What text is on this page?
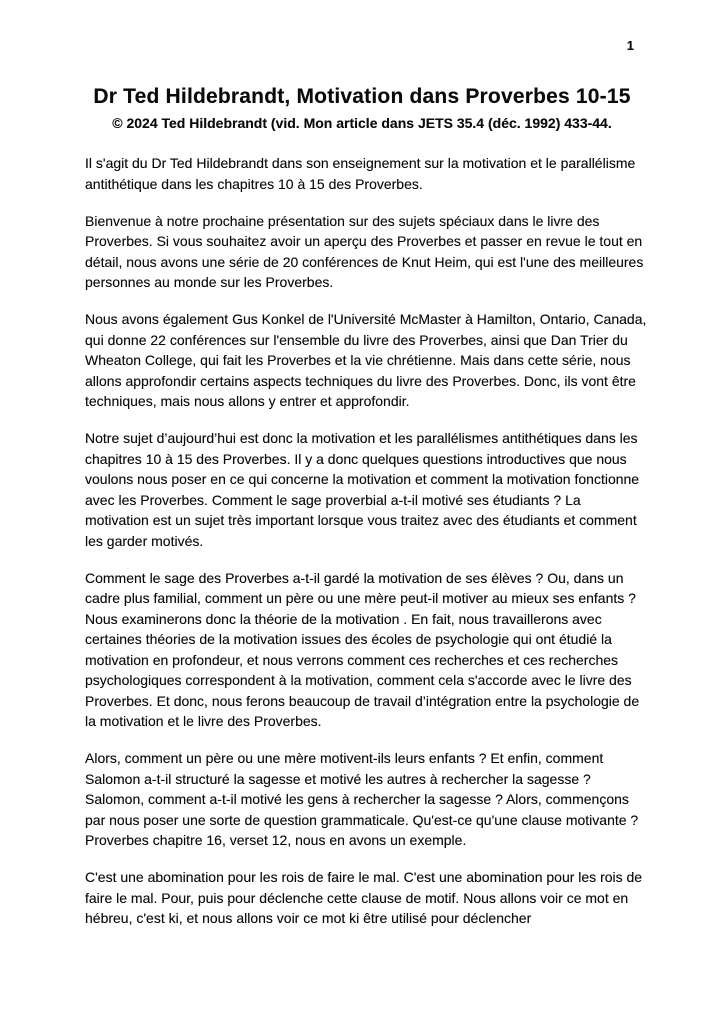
1
Dr Ted Hildebrandt, Motivation dans Proverbes 10-15
© 2024 Ted Hildebrandt (vid. Mon article dans JETS 35.4 (déc. 1992) 433-44.

Il s'agit du Dr Ted Hildebrandt dans son enseignement sur la motivation et le parallélisme antithétique dans les chapitres 10 à 15 des Proverbes.

Bienvenue à notre prochaine présentation sur des sujets spéciaux dans le livre des Proverbes. Si vous souhaitez avoir un aperçu des Proverbes et passer en revue le tout en détail, nous avons une série de 20 conférences de Knut Heim, qui est l'une des meilleures personnes au monde sur les Proverbes.

Nous avons également Gus Konkel de l'Université McMaster à Hamilton, Ontario, Canada, qui donne 22 conférences sur l'ensemble du livre des Proverbes, ainsi que Dan Trier du Wheaton College, qui fait les Proverbes et la vie chrétienne. Mais dans cette série, nous allons approfondir certains aspects techniques du livre des Proverbes. Donc, ils vont être techniques, mais nous allons y entrer et approfondir.

Notre sujet d’aujourd’hui est donc la motivation et les parallélismes antithétiques dans les chapitres 10 à 15 des Proverbes. Il y a donc quelques questions introductives que nous voulons nous poser en ce qui concerne la motivation et comment la motivation fonctionne avec les Proverbes. Comment le sage proverbial a-t-il motivé ses étudiants ? La motivation est un sujet très important lorsque vous traitez avec des étudiants et comment les garder motivés.

Comment le sage des Proverbes a-t-il gardé la motivation de ses élèves ? Ou, dans un cadre plus familial, comment un père ou une mère peut-il motiver au mieux ses enfants ? Nous examinerons donc la théorie de la motivation . En fait, nous travaillerons avec certaines théories de la motivation issues des écoles de psychologie qui ont étudié la motivation en profondeur, et nous verrons comment ces recherches et ces recherches psychologiques correspondent à la motivation, comment cela s'accorde avec le livre des Proverbes. Et donc, nous ferons beaucoup de travail d’intégration entre la psychologie de la motivation et le livre des Proverbes.

Alors, comment un père ou une mère motivent-ils leurs enfants ? Et enfin, comment Salomon a-t-il structuré la sagesse et motivé les autres à rechercher la sagesse ? Salomon, comment a-t-il motivé les gens à rechercher la sagesse ? Alors, commençons par nous poser une sorte de question grammaticale. Qu'est-ce qu'une clause motivante ? Proverbes chapitre 16, verset 12, nous en avons un exemple.

C'est une abomination pour les rois de faire le mal. C'est une abomination pour les rois de faire le mal. Pour, puis pour déclenche cette clause de motif. Nous allons voir ce mot en hébreu, c'est ki, et nous allons voir ce mot ki être utilisé pour déclencher
